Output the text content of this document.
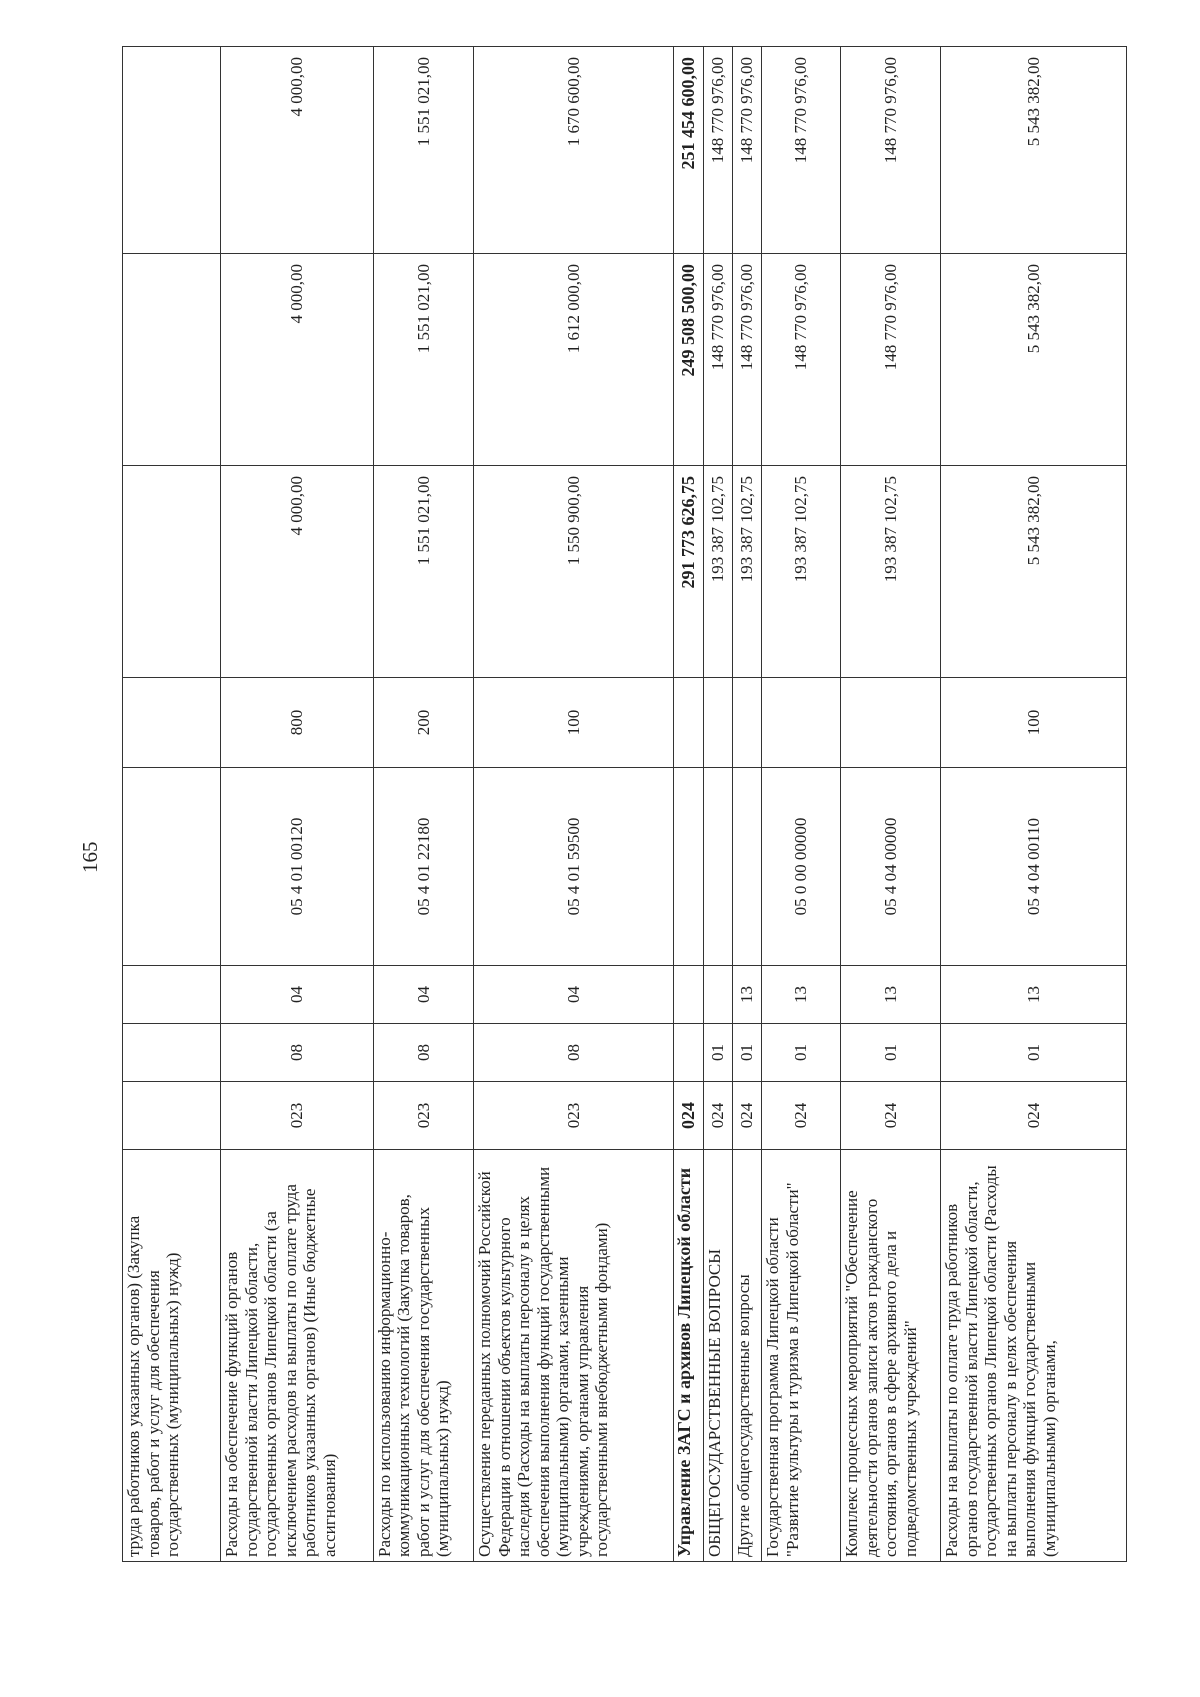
165
труда работников указанных органов) (Закупка товаров, работ и услуг для обеспечения государственных (муниципальных) нужд)								
Расходы на обеспечение функций органов государственной власти Липецкой области, государственных органов Липецкой области (за исключением расходов на выплаты по оплате труда работников указанных органов) (Иные бюджетные ассигнования)	023	08	04	05 4 01 00120	800	4 000,00	4 000,00	4 000,00
Расходы по использованию информационно-коммуникационных технологий (Закупка товаров, работ и услуг для обеспечения государственных (муниципальных) нужд)	023	08	04	05 4 01 22180	200	1 551 021,00	1 551 021,00	1 551 021,00
Осуществление переданных полномочий Российской Федерации в отношении объектов культурного наследия (Расходы на выплаты персоналу в целях обеспечения выполнения функций государственными (муниципальными) органами, казенными учреждениями, органами управления государственными внебюджетными фондами)	023	08	04	05 4 01 59500	100	1 550 900,00	1 612 000,00	1 670 600,00
Управление ЗАГС и архивов Липецкой области	024					291 773 626,75	249 508 500,00	251 454 600,00
ОБЩЕГОСУДАРСТВЕННЫЕ ВОПРОСЫ	024	01				193 387 102,75	148 770 976,00	148 770 976,00
Другие общегосударственные вопросы	024	01	13			193 387 102,75	148 770 976,00	148 770 976,00
Государственная программа Липецкой области "Развитие культуры и туризма в Липецкой области"	024	01	13	05 0 00 00000		193 387 102,75	148 770 976,00	148 770 976,00
Комплекс процессных мероприятий "Обеспечение деятельности органов записи актов гражданского состояния, органов в сфере архивного дела и подведомственных учреждений"	024	01	13	05 4 04 00000		193 387 102,75	148 770 976,00	148 770 976,00
Расходы на выплаты по оплате труда работников органов государственной власти Липецкой области, государственных органов Липецкой области (Расходы на выплаты персоналу в целях обеспечения выполнения функций государственными (муниципальными) органами,	024	01	13	05 4 04 00110	100	5 543 382,00	5 543 382,00	5 543 382,00
